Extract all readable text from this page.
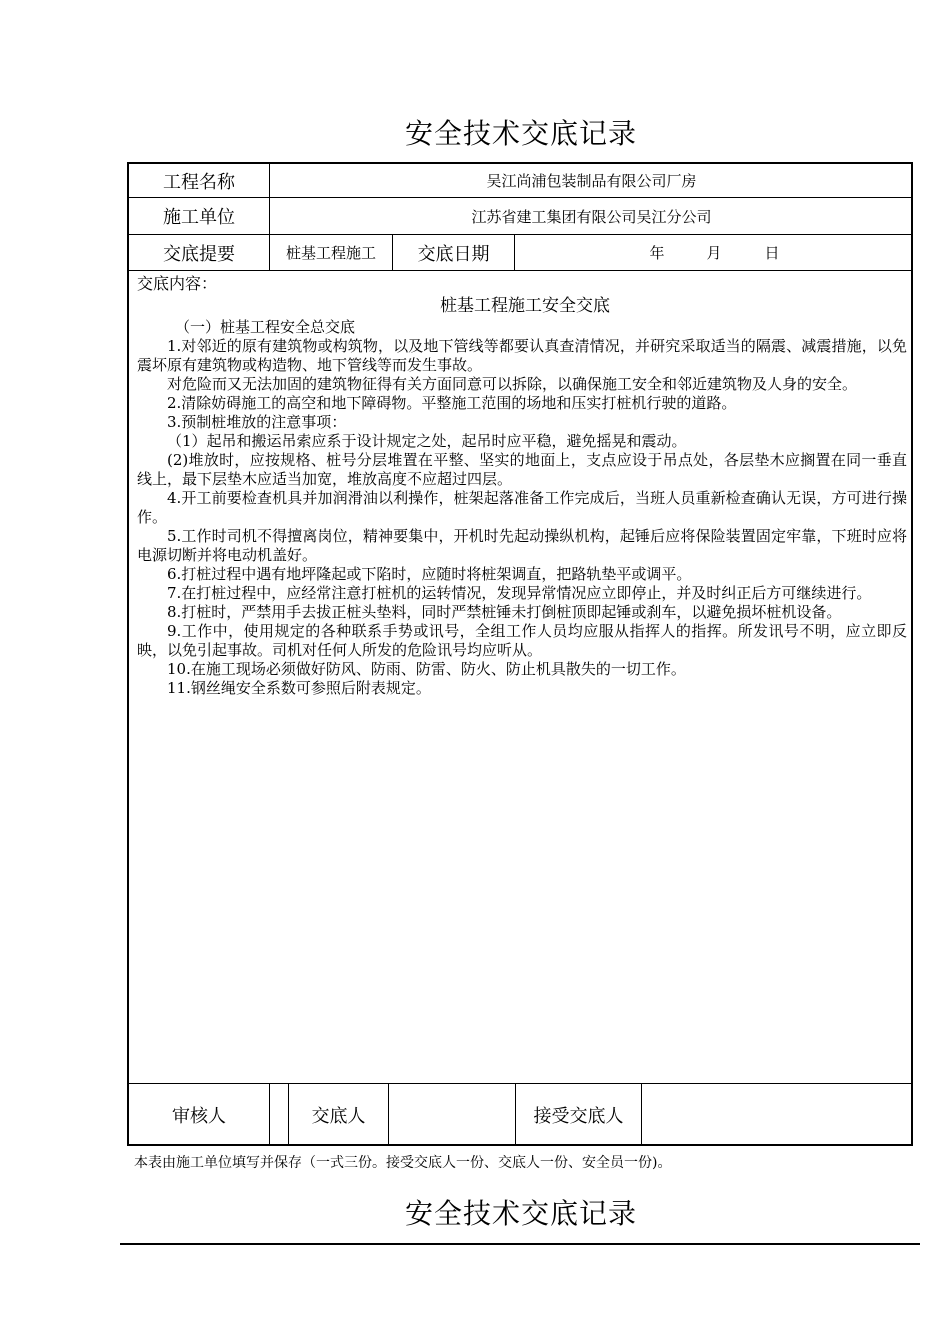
安全技术交底记录
工程名称	吴江尚浦包装制品有限公司厂房
施工单位	江苏省建工集团有限公司吴江分公司
交底提要	桩基工程施工	交底日期	年	月	日
交底内容：
桩基工程施工安全交底

（一）桩基工程安全总交底

1.对邻近的原有建筑物或构筑物，以及地下管线等都要认真查清情况，并研究采取适当的隔震、减震措施，以免震坏原有建筑物或构造物、地下管线等而发生事故。

对危险而又无法加固的建筑物征得有关方面同意可以拆除，以确保施工安全和邻近建筑物及人身的安全。

2.清除妨碍施工的高空和地下障碍物。平整施工范围的场地和压实打桩机行驶的道路。

3.预制桩堆放的注意事项：

（1）起吊和搬运吊索应系于设计规定之处，起吊时应平稳，避免摇晃和震动。

(2)堆放时，应按规格、桩号分层堆置在平整、坚实的地面上，支点应设于吊点处，各层垫木应搁置在同一垂直线上，最下层垫木应适当加宽，堆放高度不应超过四层。

4.开工前要检查机具并加润滑油以利操作，桩架起落准备工作完成后，当班人员重新检查确认无误，方可进行操作。

5.工作时司机不得擅离岗位，精神要集中，开机时先起动操纵机构，起锤后应将保险装置固定牢靠，下班时应将电源切断并将电动机盖好。

6.打桩过程中遇有地坪隆起或下陷时，应随时将桩架调直，把路轨垫平或调平。

7.在打桩过程中，应经常注意打桩机的运转情况，发现异常情况应立即停止，并及时纠正后方可继续进行。

8.打桩时，严禁用手去拔正桩头垫料，同时严禁桩锤未打倒桩顶即起锤或刹车，以避免损坏桩机设备。

9.工作中，使用规定的各种联系手势或讯号，全组工作人员均应服从指挥人的指挥。所发讯号不明，应立即反映，以免引起事故。司机对任何人所发的危险讯号均应听从。

10.在施工现场必须做好防风、防雨、防雷、防火、防止机具散失的一切工作。

11.钢丝绳安全系数可参照后附表规定。

审核人	交底人	接受交底人
本表由施工单位填写并保存（一式三份。接受交底人一份、交底人一份、安全员一份)。
安全技术交底记录
